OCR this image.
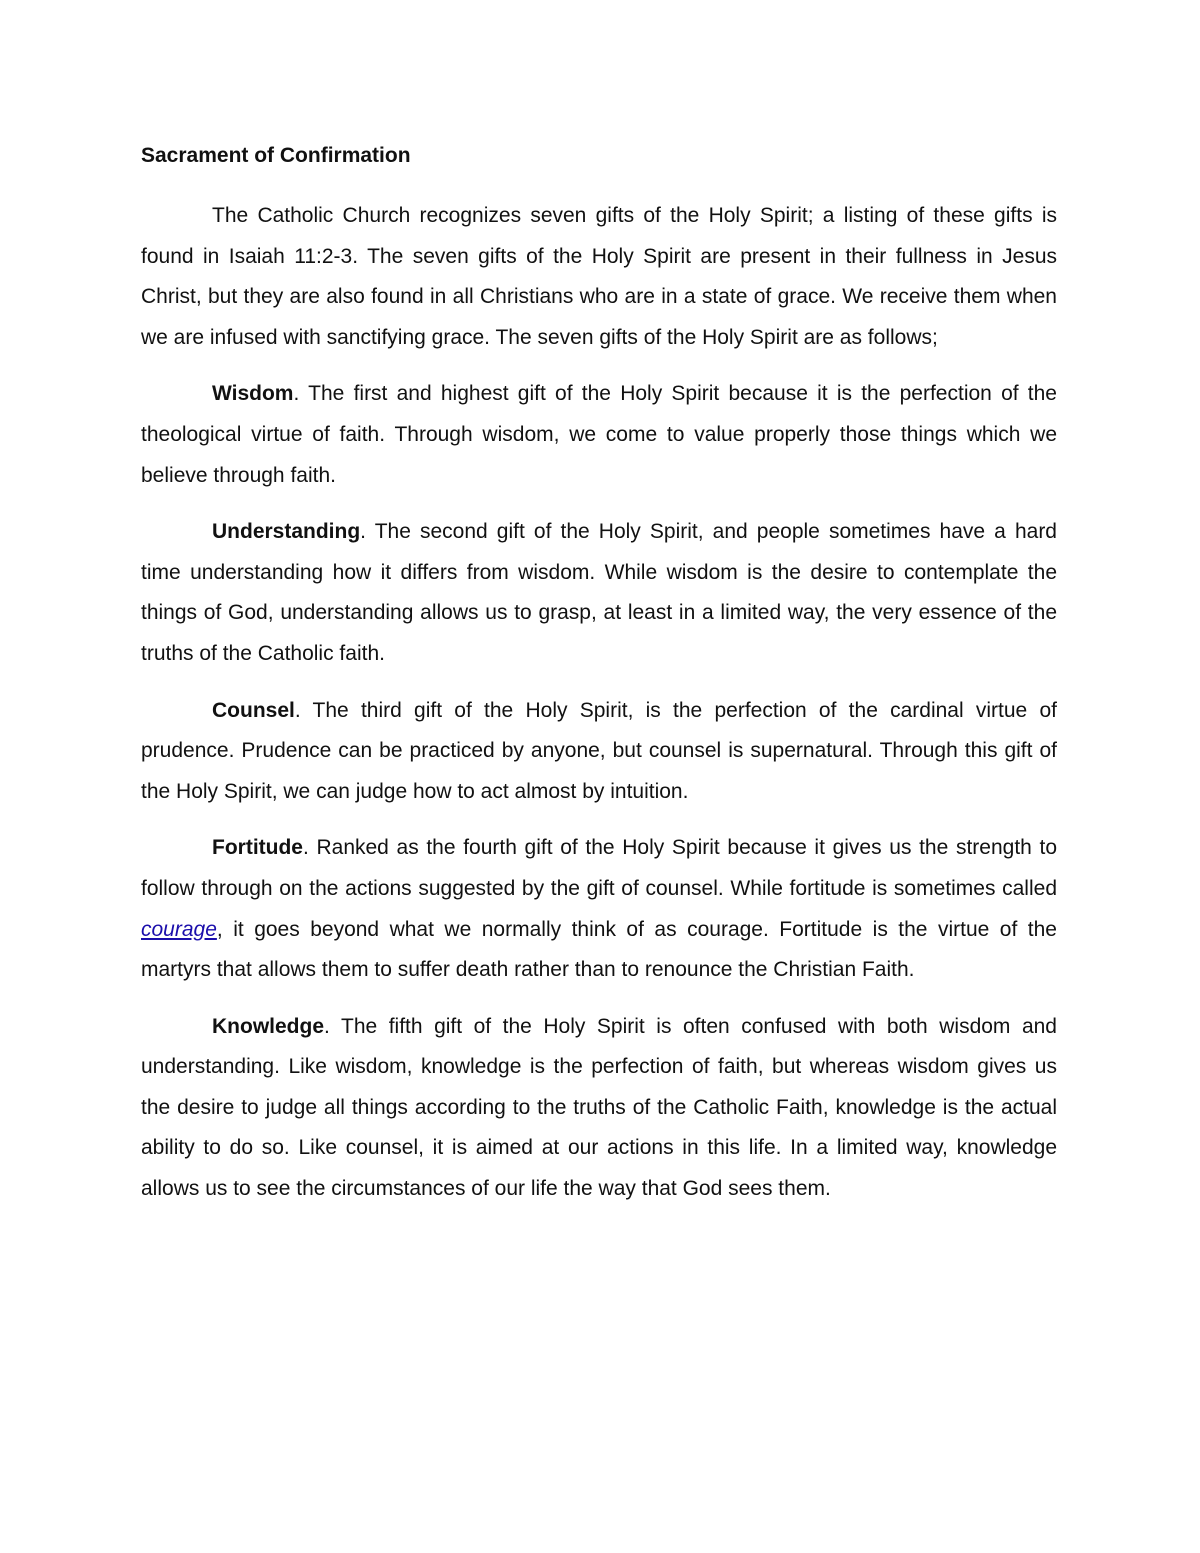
Sacrament of Confirmation

The Catholic Church recognizes seven gifts of the Holy Spirit; a listing of these gifts is found in Isaiah 11:2-3. The seven gifts of the Holy Spirit are present in their fullness in Jesus Christ, but they are also found in all Christians who are in a state of grace. We receive them when we are infused with sanctifying grace. The seven gifts of the Holy Spirit are as follows;

Wisdom. The first and highest gift of the Holy Spirit because it is the perfection of the theological virtue of faith. Through wisdom, we come to value properly those things which we believe through faith.

Understanding. The second gift of the Holy Spirit, and people sometimes have a hard time understanding how it differs from wisdom. While wisdom is the desire to contemplate the things of God, understanding allows us to grasp, at least in a limited way, the very essence of the truths of the Catholic faith.

Counsel. The third gift of the Holy Spirit, is the perfection of the cardinal virtue of prudence. Prudence can be practiced by anyone, but counsel is supernatural. Through this gift of the Holy Spirit, we can judge how to act almost by intuition.

Fortitude. Ranked as the fourth gift of the Holy Spirit because it gives us the strength to follow through on the actions suggested by the gift of counsel. While fortitude is sometimes called courage, it goes beyond what we normally think of as courage. Fortitude is the virtue of the martyrs that allows them to suffer death rather than to renounce the Christian Faith.

Knowledge. The fifth gift of the Holy Spirit is often confused with both wisdom and understanding. Like wisdom, knowledge is the perfection of faith, but whereas wisdom gives us the desire to judge all things according to the truths of the Catholic Faith, knowledge is the actual ability to do so. Like counsel, it is aimed at our actions in this life. In a limited way, knowledge allows us to see the circumstances of our life the way that God sees them.
